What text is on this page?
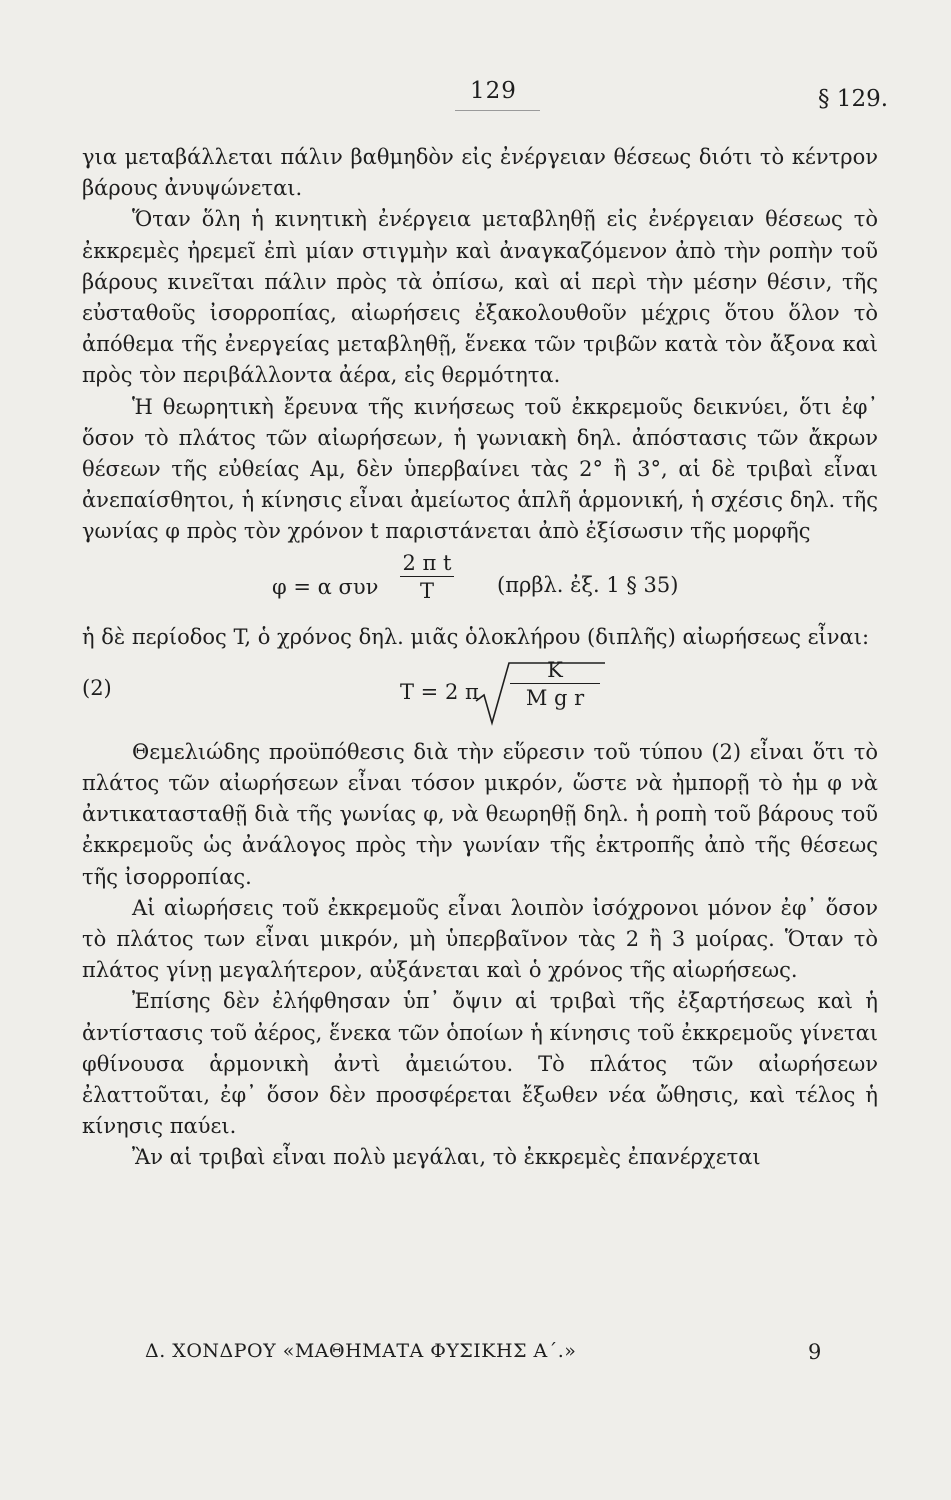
129	§ 129.

για μεταβάλλεται πάλιν βαθμηδὸν εἰς ἐνέργειαν θέσεως διότι τὸ κέντρον βάρους ἀνυψώνεται.

Ὅταν ὅλη ἡ κινητικὴ ἐνέργεια μεταβληθῇ εἰς ἐνέργειαν θέσεως τὸ ἐκκρεμὲς ἠρεμεῖ ἐπὶ μίαν στιγμὴν καὶ ἀναγκαζόμενον ἀπὸ τὴν ροπὴν τοῦ βάρους κινεῖται πάλιν πρὸς τὰ ὀπίσω, καὶ αἱ περὶ τὴν μέσην θέσιν, τῆς εὐσταθοῦς ἰσορροπίας, αἰωρήσεις ἐξακολουθοῦν μέχρις ὅτου ὅλον τὸ ἀπόθεμα τῆς ἐνεργείας μεταβληθῇ, ἕνεκα τῶν τριβῶν κατὰ τὸν ἄξονα καὶ πρὸς τὸν περιβάλλοντα ἀέρα, εἰς θερμότητα.

Ἡ θεωρητικὴ ἔρευνα τῆς κινήσεως τοῦ ἐκκρεμοῦς δεικνύει, ὅτι ἐφ᾿ ὅσον τὸ πλάτος τῶν αἰωρήσεων, ἡ γωνιακὴ δηλ. ἀπόστασις τῶν ἄκρων θέσεων τῆς εὐθείας Αμ, δὲν ὑπερβαίνει τὰς 2° ἢ 3°, αἱ δὲ τριβαὶ εἶναι ἀνεπαίσθητοι, ἡ κίνησις εἶναι ἀμείωτος ἁπλῆ ἁρμονική, ἡ σχέσις δηλ. τῆς γωνίας φ πρὸς τὸν χρόνον t παριστάνεται ἀπὸ ἐξίσωσιν τῆς μορφῆς

φ = α συν
2 π t
T	(πρβλ. ἐξ. 1 § 35)

ἡ δὲ περίοδος T, ὁ χρόνος δηλ. μιᾶς ὁλοκλήρου (διπλῆς) αἰωρήσεως εἶναι:

(2)	T = 2 π
K
M g r

Θεμελιώδης προϋπόθεσις διὰ τὴν εὕρεσιν τοῦ τύπου (2) εἶναι ὅτι τὸ πλάτος τῶν αἰωρήσεων εἶναι τόσον μικρόν, ὥστε νὰ ἠμπορῇ τὸ ἡμ φ νὰ ἀντικατασταθῇ διὰ τῆς γωνίας φ, νὰ θεωρηθῇ δηλ. ἡ ροπὴ τοῦ βάρους τοῦ ἐκκρεμοῦς ὡς ἀνάλογος πρὸς τὴν γωνίαν τῆς ἐκτροπῆς ἀπὸ τῆς θέσεως τῆς ἰσορροπίας.

Αἱ αἰωρήσεις τοῦ ἐκκρεμοῦς εἶναι λοιπὸν ἰσόχρονοι μόνον ἐφ᾿ ὅσον τὸ πλάτος των εἶναι μικρόν, μὴ ὑπερβαῖνον τὰς 2 ἢ 3 μοίρας. Ὅταν τὸ πλάτος γίνῃ μεγαλήτερον, αὐξάνεται καὶ ὁ χρόνος τῆς αἰωρήσεως.

Ἐπίσης δὲν ἐλήφθησαν ὑπ᾿ ὄψιν αἱ τριβαὶ τῆς ἐξαρτήσεως καὶ ἡ ἀντίστασις τοῦ ἀέρος, ἕνεκα τῶν ὁποίων ἡ κίνησις τοῦ ἐκκρεμοῦς γίνεται φθίνουσα ἁρμονικὴ ἀντὶ ἀμειώτου. Τὸ πλάτος τῶν αἰωρήσεων ἐλαττοῦται, ἐφ᾿ ὅσον δὲν προσφέρεται ἔξωθεν νέα ὤθησις, καὶ τέλος ἡ κίνησις παύει.

Ἂν αἱ τριβαὶ εἶναι πολὺ μεγάλαι, τὸ ἐκκρεμὲς ἐπανέρχεται

Δ. ΧΟΝΔΡΟΥ «ΜΑΘΗΜΑΤΑ ΦΥΣΙΚΗΣ Α΄.»	9
